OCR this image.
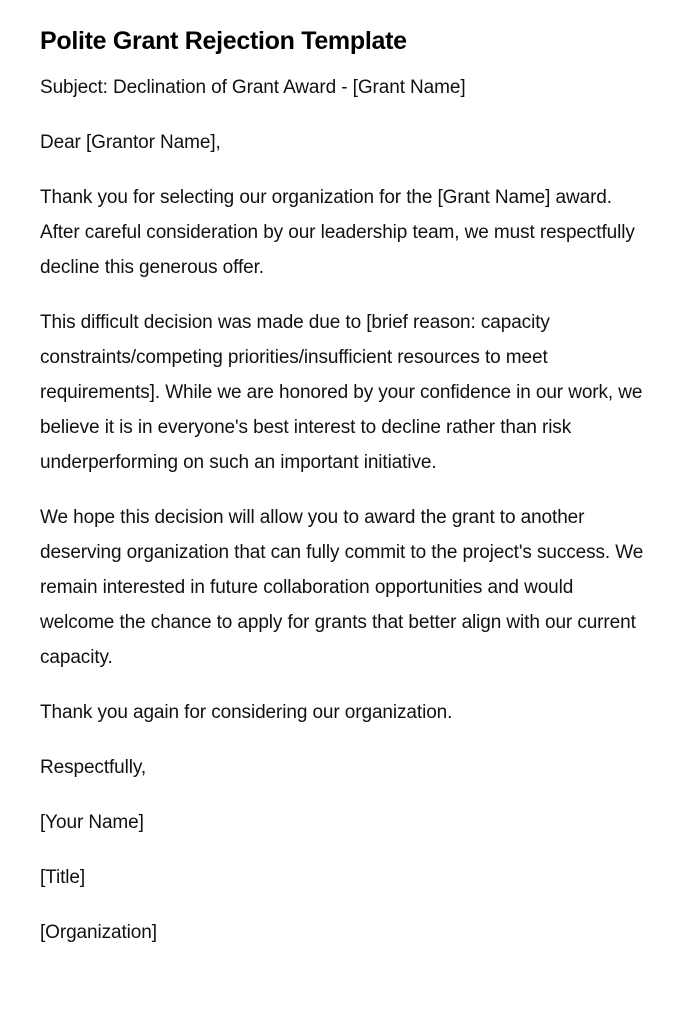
Polite Grant Rejection Template

Subject: Declination of Grant Award - [Grant Name]

Dear [Grantor Name],

Thank you for selecting our organization for the [Grant Name] award. After careful consideration by our leadership team, we must respectfully decline this generous offer.

This difficult decision was made due to [brief reason: capacity constraints/competing priorities/insufficient resources to meet requirements]. While we are honored by your confidence in our work, we believe it is in everyone's best interest to decline rather than risk underperforming on such an important initiative.

We hope this decision will allow you to award the grant to another deserving organization that can fully commit to the project's success. We remain interested in future collaboration opportunities and would welcome the chance to apply for grants that better align with our current capacity.

Thank you again for considering our organization.

Respectfully,

[Your Name]

[Title]

[Organization]
